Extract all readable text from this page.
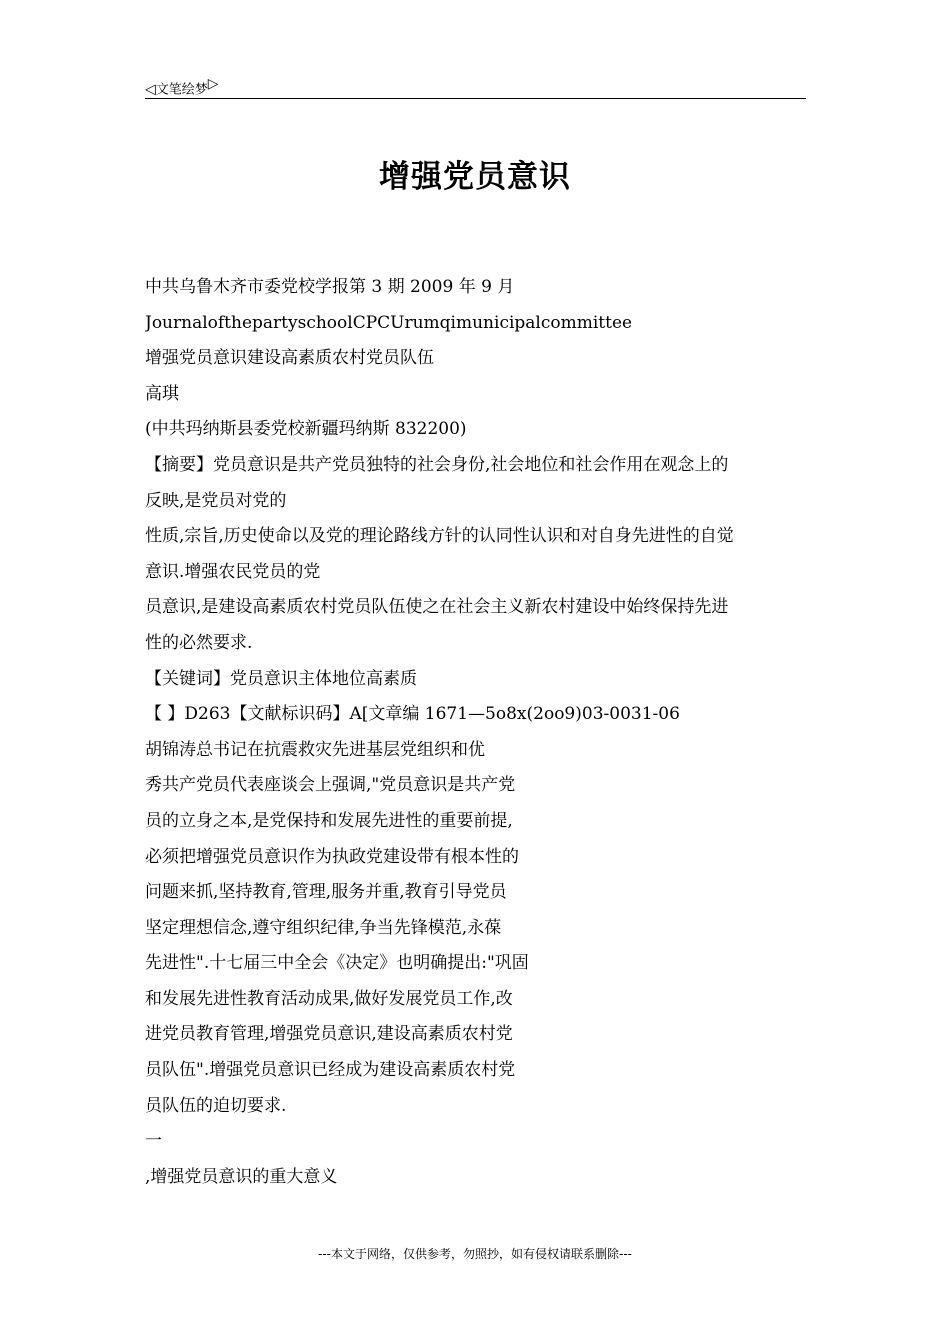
◁文笔绘梦▷
增强党员意识
中共乌鲁木齐市委党校学报第 3 期 2009 年 9 月
JournalofthepartyschoolCPCUrumqimunicipalcommittee
增强党员意识建设高素质农村党员队伍
高琪
(中共玛纳斯县委党校新疆玛纳斯 832200)
【摘要】党员意识是共产党员独特的社会身份,社会地位和社会作用在观念上的
反映,是党员对党的
性质,宗旨,历史使命以及党的理论路线方针的认同性认识和对自身先进性的自觉
意识.增强农民党员的党
员意识,是建设高素质农村党员队伍使之在社会主义新农村建设中始终保持先进
性的必然要求.
【关键词】党员意识主体地位高素质
【 】D263【文献标识码】A[文章编 1671—5o8x(2oo9)03-0031-06
胡锦涛总书记在抗震救灾先进基层党组织和优
秀共产党员代表座谈会上强调,"党员意识是共产党
员的立身之本,是党保持和发展先进性的重要前提,
必须把增强党员意识作为执政党建设带有根本性的
问题来抓,坚持教育,管理,服务并重,教育引导党员
坚定理想信念,遵守组织纪律,争当先锋模范,永葆
先进性".十七届三中全会《决定》也明确提出:"巩固
和发展先进性教育活动成果,做好发展党员工作,改
进党员教育管理,增强党员意识,建设高素质农村党
员队伍".增强党员意识已经成为建设高素质农村党
员队伍的迫切要求.
一
,增强党员意识的重大意义
---本文于网络，仅供参考，勿照抄，如有侵权请联系删除---
